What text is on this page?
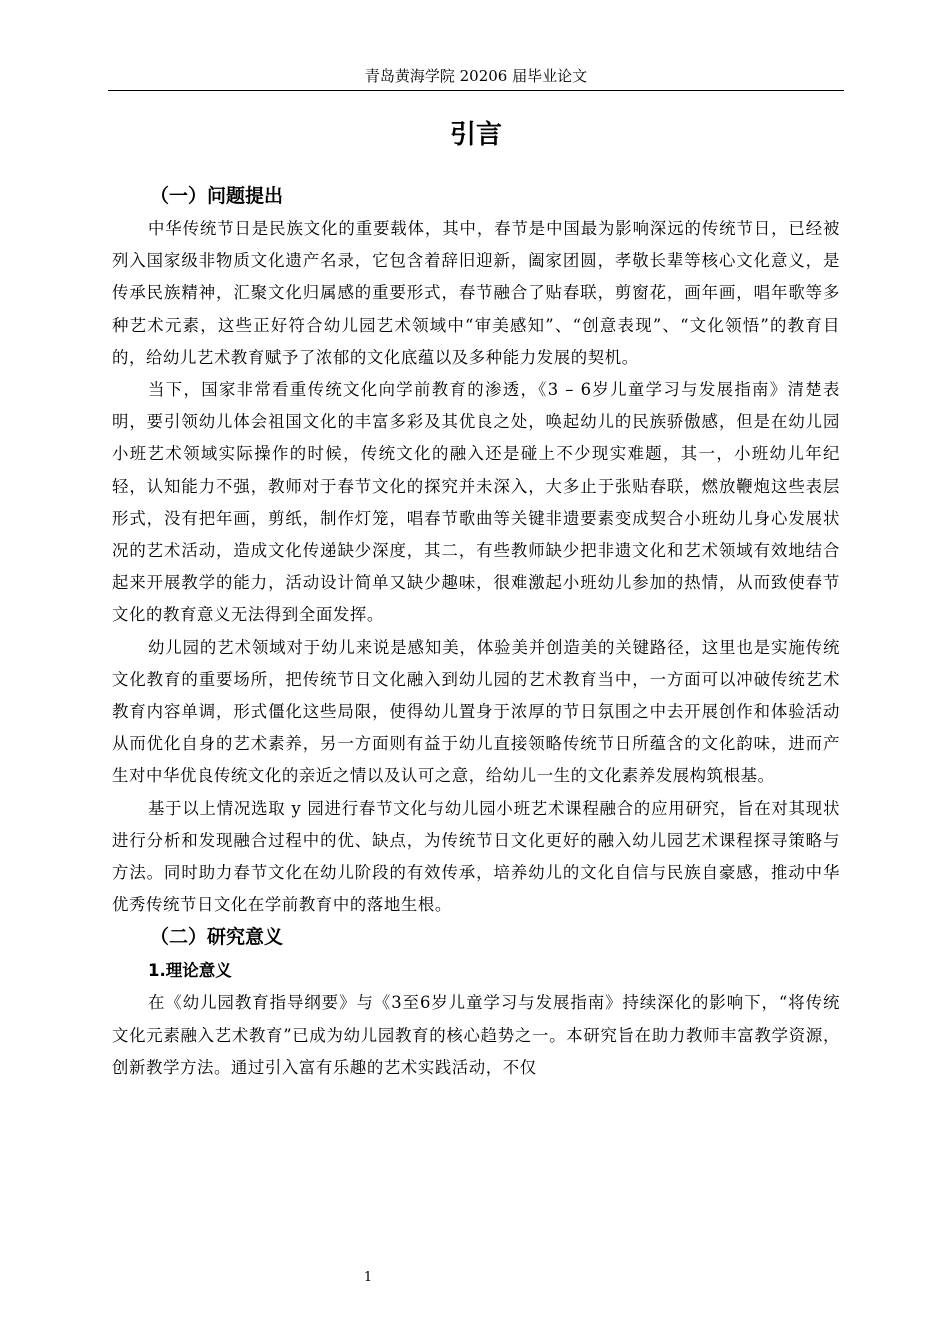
青岛黄海学院 20206 届毕业论文
引言
（一）问题提出

中华传统节日是民族文化的重要载体，其中，春节是中国最为影响深远的传统节日，已经被列入国家级非物质文化遗产名录，它包含着辞旧迎新，阖家团圆，孝敬长辈等核心文化意义，是传承民族精神，汇聚文化归属感的重要形式，春节融合了贴春联，剪窗花，画年画，唱年歌等多种艺术元素，这些正好符合幼儿园艺术领域中“审美感知”、“创意表现”、“文化领悟”的教育目的，给幼儿艺术教育赋予了浓郁的文化底蕴以及多种能力发展的契机。

当下，国家非常看重传统文化向学前教育的渗透，《3 – 6岁儿童学习与发展指南》清楚表明，要引领幼儿体会祖国文化的丰富多彩及其优良之处，唤起幼儿的民族骄傲感，但是在幼儿园小班艺术领域实际操作的时候，传统文化的融入还是碰上不少现实难题，其一，小班幼儿年纪轻，认知能力不强，教师对于春节文化的探究并未深入，大多止于张贴春联，燃放鞭炮这些表层形式，没有把年画，剪纸，制作灯笼，唱春节歌曲等关键非遗要素变成契合小班幼儿身心发展状况的艺术活动，造成文化传递缺少深度，其二，有些教师缺少把非遗文化和艺术领域有效地结合起来开展教学的能力，活动设计简单又缺少趣味，很难激起小班幼儿参加的热情，从而致使春节文化的教育意义无法得到全面发挥。

幼儿园的艺术领域对于幼儿来说是感知美，体验美并创造美的关键路径，这里也是实施传统文化教育的重要场所，把传统节日文化融入到幼儿园的艺术教育当中，一方面可以冲破传统艺术教育内容单调，形式僵化这些局限，使得幼儿置身于浓厚的节日氛围之中去开展创作和体验活动从而优化自身的艺术素养，另一方面则有益于幼儿直接领略传统节日所蕴含的文化韵味，进而产生对中华优良传统文化的亲近之情以及认可之意，给幼儿一生的文化素养发展构筑根基。

基于以上情况选取 y 园进行春节文化与幼儿园小班艺术课程融合的应用研究，旨在对其现状进行分析和发现融合过程中的优、缺点，为传统节日文化更好的融入幼儿园艺术课程探寻策略与方法。同时助力春节文化在幼儿阶段的有效传承，培养幼儿的文化自信与民族自豪感，推动中华优秀传统节日文化在学前教育中的落地生根。

（二）研究意义
1.理论意义

在《幼儿园教育指导纲要》与《3至6岁儿童学习与发展指南》持续深化的影响下，“将传统文化元素融入艺术教育”已成为幼儿园教育的核心趋势之一。本研究旨在助力教师丰富教学资源，创新教学方法。通过引入富有乐趣的艺术实践活动，不仅

1
